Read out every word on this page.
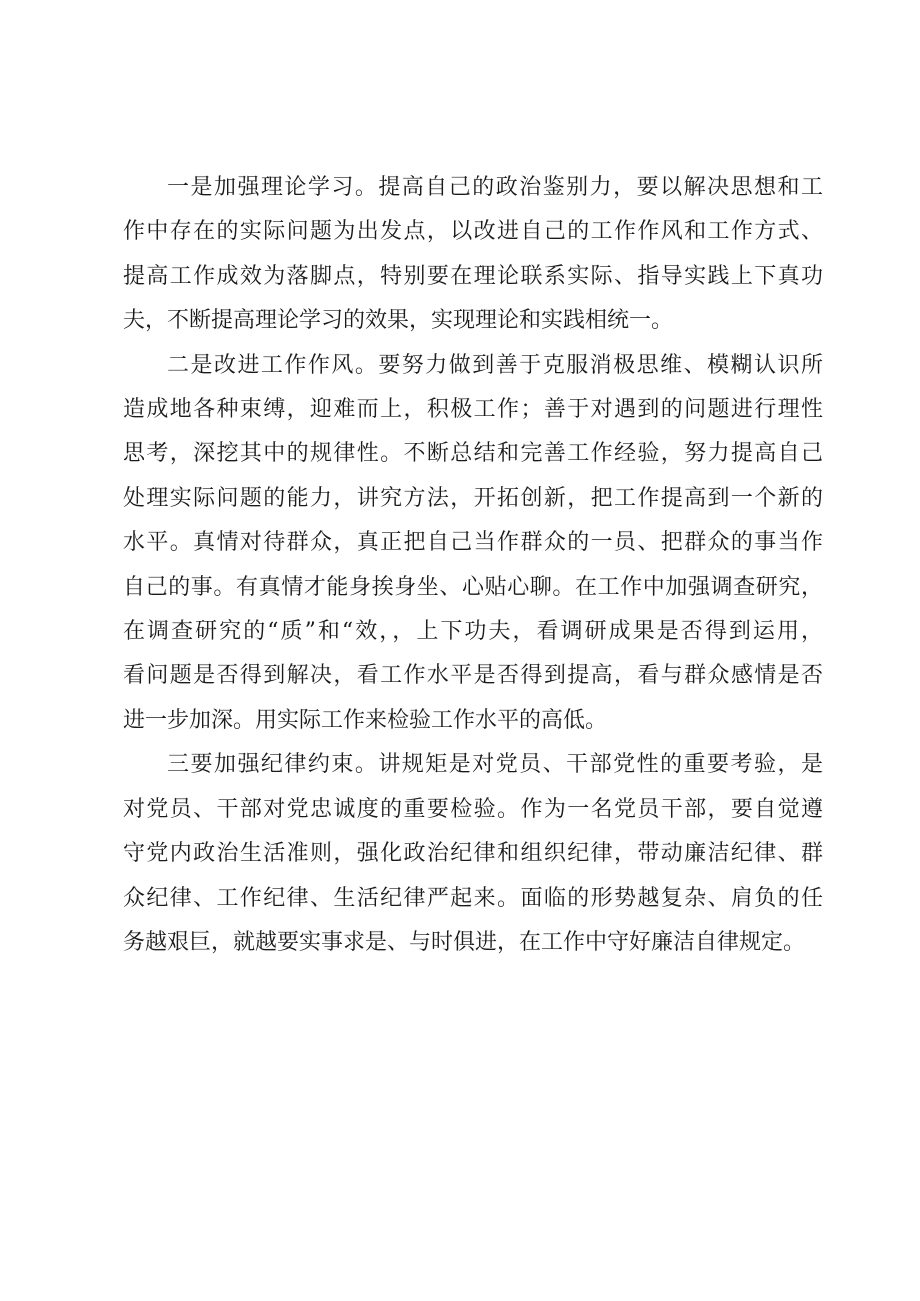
一是加强理论学习。提高自己的政治鉴别力，要以解决思想和工
作中存在的实际问题为出发点，以改进自己的工作作风和工作方式、
提高工作成效为落脚点，特别要在理论联系实际、指导实践上下真功
夫，不断提高理论学习的效果，实现理论和实践相统一。

二是改进工作作风。要努力做到善于克服消极思维、模糊认识所
造成地各种束缚，迎难而上，积极工作；善于对遇到的问题进行理性
思考，深挖其中的规律性。不断总结和完善工作经验，努力提高自己
处理实际问题的能力，讲究方法，开拓创新，把工作提高到一个新的
水平。真情对待群众，真正把自己当作群众的一员、把群众的事当作
自己的事。有真情才能身挨身坐、心贴心聊。在工作中加强调查研究，
在调查研究的“质”和“效，，上下功夫，看调研成果是否得到运用，
看问题是否得到解决，看工作水平是否得到提高，看与群众感情是否
进一步加深。用实际工作来检验工作水平的高低。

三要加强纪律约束。讲规矩是对党员、干部党性的重要考验，是
对党员、干部对党忠诚度的重要检验。作为一名党员干部，要自觉遵
守党内政治生活准则，强化政治纪律和组织纪律，带动廉洁纪律、群
众纪律、工作纪律、生活纪律严起来。面临的形势越复杂、肩负的任
务越艰巨，就越要实事求是、与时俱进，在工作中守好廉洁自律规定。
